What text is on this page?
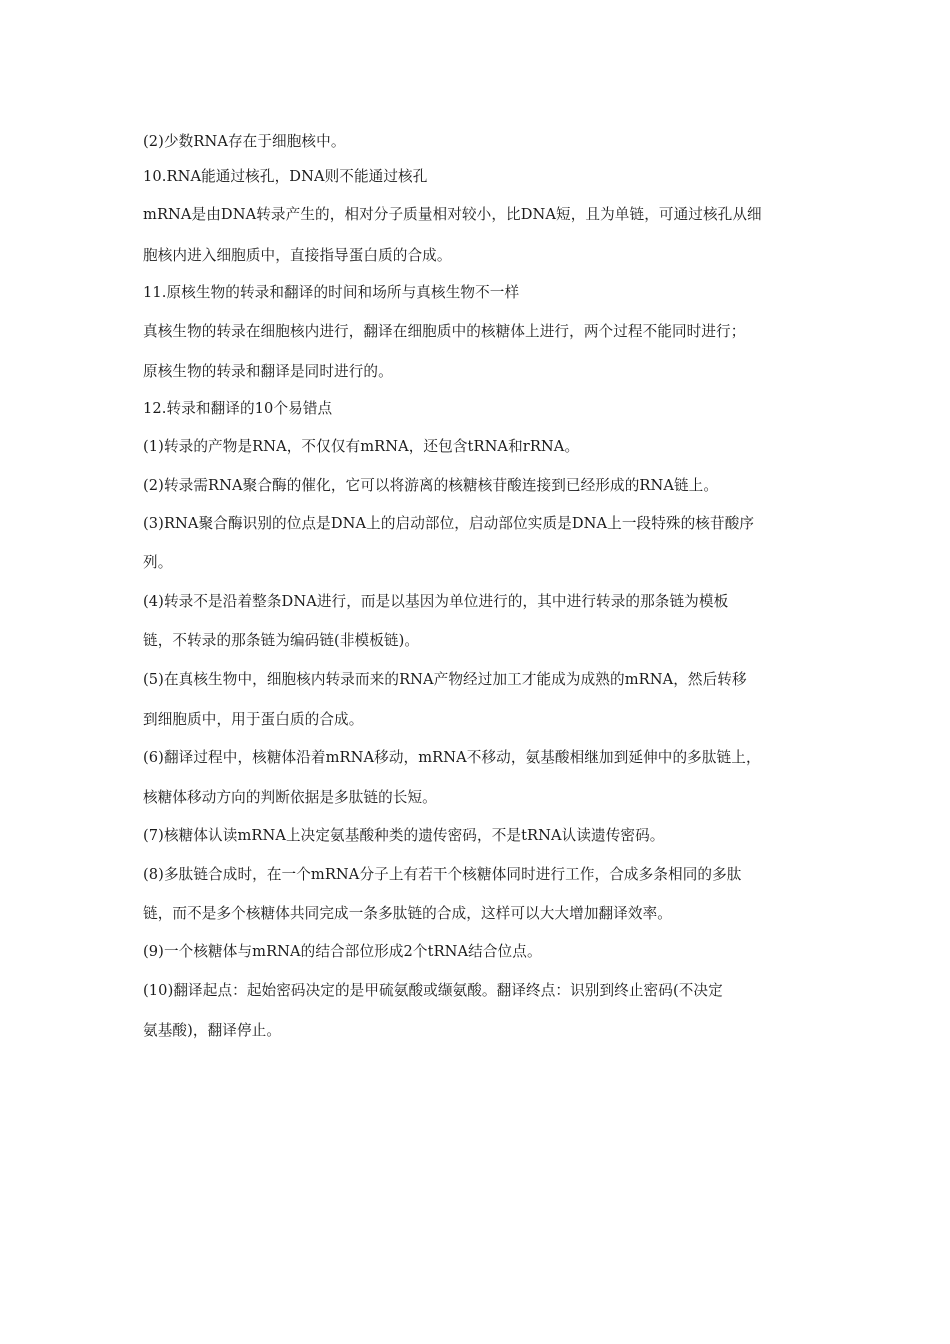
(2)少数RNA存在于细胞核中。
10.RNA能通过核孔，DNA则不能通过核孔
mRNA是由DNA转录产生的，相对分子质量相对较小，比DNA短，且为单链，可通过核孔从细
胞核内进入细胞质中，直接指导蛋白质的合成。
11.原核生物的转录和翻译的时间和场所与真核生物不一样
真核生物的转录在细胞核内进行，翻译在细胞质中的核糖体上进行，两个过程不能同时进行；
原核生物的转录和翻译是同时进行的。
12.转录和翻译的10个易错点
(1)转录的产物是RNA，不仅仅有mRNA，还包含tRNA和rRNA。
(2)转录需RNA聚合酶的催化，它可以将游离的核糖核苷酸连接到已经形成的RNA链上。
(3)RNA聚合酶识别的位点是DNA上的启动部位，启动部位实质是DNA上一段特殊的核苷酸序
列。
(4)转录不是沿着整条DNA进行，而是以基因为单位进行的，其中进行转录的那条链为模板
链，不转录的那条链为编码链(非模板链)。
(5)在真核生物中，细胞核内转录而来的RNA产物经过加工才能成为成熟的mRNA，然后转移
到细胞质中，用于蛋白质的合成。
(6)翻译过程中，核糖体沿着mRNA移动，mRNA不移动，氨基酸相继加到延伸中的多肽链上，
核糖体移动方向的判断依据是多肽链的长短。
(7)核糖体认读mRNA上决定氨基酸种类的遗传密码，不是tRNA认读遗传密码。
(8)多肽链合成时，在一个mRNA分子上有若干个核糖体同时进行工作，合成多条相同的多肽
链，而不是多个核糖体共同完成一条多肽链的合成，这样可以大大增加翻译效率。
(9)一个核糖体与mRNA的结合部位形成2个tRNA结合位点。
(10)翻译起点：起始密码决定的是甲硫氨酸或缬氨酸。翻译终点：识别到终止密码(不决定
氨基酸)，翻译停止。
